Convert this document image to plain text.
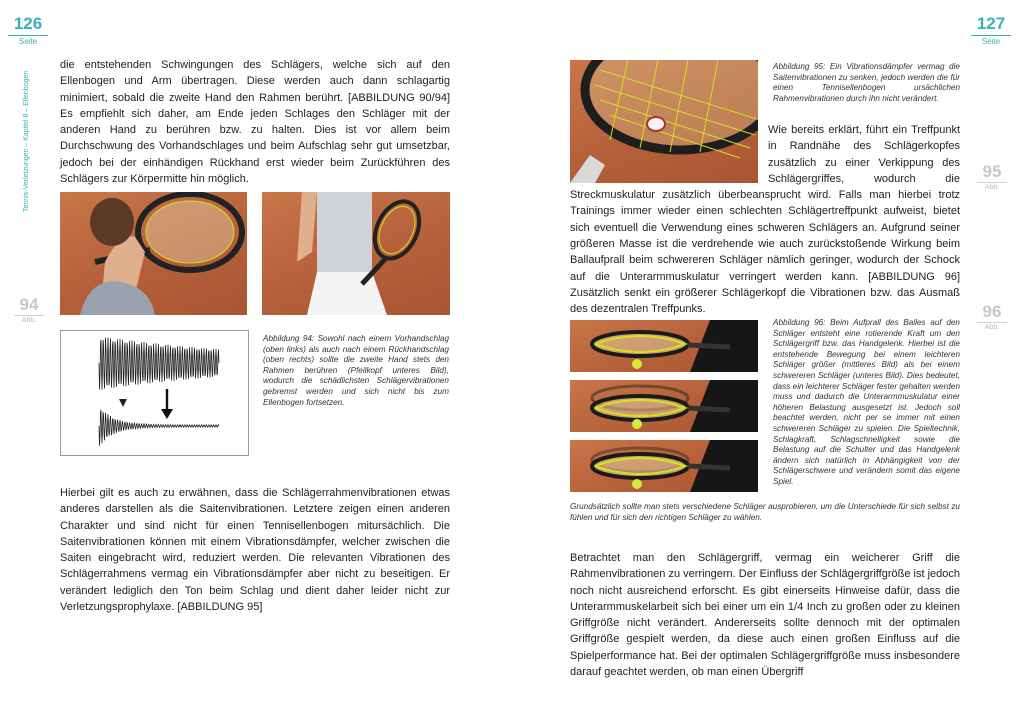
126
Seite
Tennis-Verletzungen – Kapitel 8 – Ellenbogen

die entstehenden Schwingungen des Schlägers, welche sich auf den Ellenbogen und Arm übertragen. Diese werden auch dann schlagartig minimiert, sobald die zweite Hand den Rahmen berührt. [ABBILDUNG 90/94] Es empfiehlt sich daher, am Ende jeden Schlages den Schläger mit der anderen Hand zu berühren bzw. zu halten. Dies ist vor allem beim Durchschwung des Vorhandschlages und beim Aufschlag sehr gut umsetzbar, jedoch bei der einhändigen Rückhand erst wieder beim Zurückführen des Schlägers zur Körpermitte hin möglich.

94
Abb.
Abbildung 94: Sowohl nach einem Vorhandschlag (oben links) als auch nach einem Rückhandschlag (oben rechts) sollte die zweite Hand stets den Rahmen berühren (Pfeilkopf unteres Bild), wodurch die schädlichsten Schlägervibrationen gebremst werden und sich nicht bis zum Ellenbogen fortsetzen.

Hierbei gilt es auch zu erwähnen, dass die Schlägerrahmenvibrationen etwas anderes darstellen als die Saitenvibrationen. Letztere zeigen einen anderen Charakter und sind nicht für einen Tennisellenbogen mitursächlich. Die Saitenvibrationen können mit einem Vibrationsdämpfer, welcher zwischen die Saiten eingebracht wird, reduziert werden. Die relevanten Vibrationen des Schlägerrahmens vermag ein Vibrationsdämpfer aber nicht zu beseitigen. Er verändert lediglich den Ton beim Schlag und dient daher leider nicht zur Verletzungsprophylaxe. [ABBILDUNG 95]

127
Seite
Abbildung 95: Ein Vibrationsdämpfer vermag die Saitenvibrationen zu senken, jedoch werden die für einen Tennisellenbogen ursächlichen Rahmenvibrationen durch ihn nicht verändert.
95
Abb.

Wie bereits erklärt, führt ein Treffpunkt in Randnähe des Schlägerkopfes zusätzlich zu einer Verkippung des Schlägergriffes, wodurch die Streckmuskulatur zusätzlich überbeansprucht wird. Falls man hierbei trotz Trainings immer wieder einen schlechten Schlägertreffpunkt aufweist, bietet sich eventuell die Verwendung eines schweren Schlägers an. Aufgrund seiner größeren Masse ist die verdrehende wie auch zurückstoßende Wirkung beim Ballaufprall beim schwereren Schläger nämlich geringer, wodurch der Schock auf die Unterarmmuskulatur verringert werden kann. [ABBILDUNG 96] Zusätzlich senkt ein größerer Schlägerkopf die Vibrationen bzw. das Ausmaß des dezentralen Treffpunks.	96
Abb.
Abbildung 96: Beim Aufprall des Balles auf den Schläger entsteht eine rotierende Kraft um den Schlägergriff bzw. das Handgelenk. Hierbei ist die entstehende Bewegung bei einem leichteren Schläger größer (mittleres Bild) als bei einem schwereren Schläger (unteres Bild). Dies bedeutet, dass ein leichterer Schläger fester gehalten werden muss und dadurch die Unterarmmuskulatur einer höheren Belastung ausgesetzt ist. Jedoch soll beachtet werden, nicht per se immer mit einen schwereren Schläger zu spielen. Die Spieltechnik, Schlagkraft, Schlagschnelligkeit sowie die Belastung auf die Schulter und das Handgelenk ändern sich natürlich in Abhängigkeit von der Schlägerschwere und verändern somit das eigene Spiel.
Grundsätzlich sollte man stets verschiedene Schläger ausprobieren, um die Unterschiede für sich selbst zu fühlen und für sich den richtigen Schläger zu wählen.

Betrachtet man den Schlägergriff, vermag ein weicherer Griff die Rahmenvibrationen zu verringern. Der Einfluss der Schlägergriffgröße ist jedoch noch nicht ausreichend erforscht. Es gibt einerseits Hinweise dafür, dass die Unterarmmuskelarbeit sich bei einer um ein 1/4 Inch zu großen oder zu kleinen Griffgröße nicht verändert. Andererseits sollte dennoch mit der optimalen Griffgröße gespielt werden, da diese auch einen großen Einfluss auf die Spielperformance hat. Bei der optimalen Schlägergriffgröße muss insbesondere darauf geachtet werden, ob man einen Übergriff
